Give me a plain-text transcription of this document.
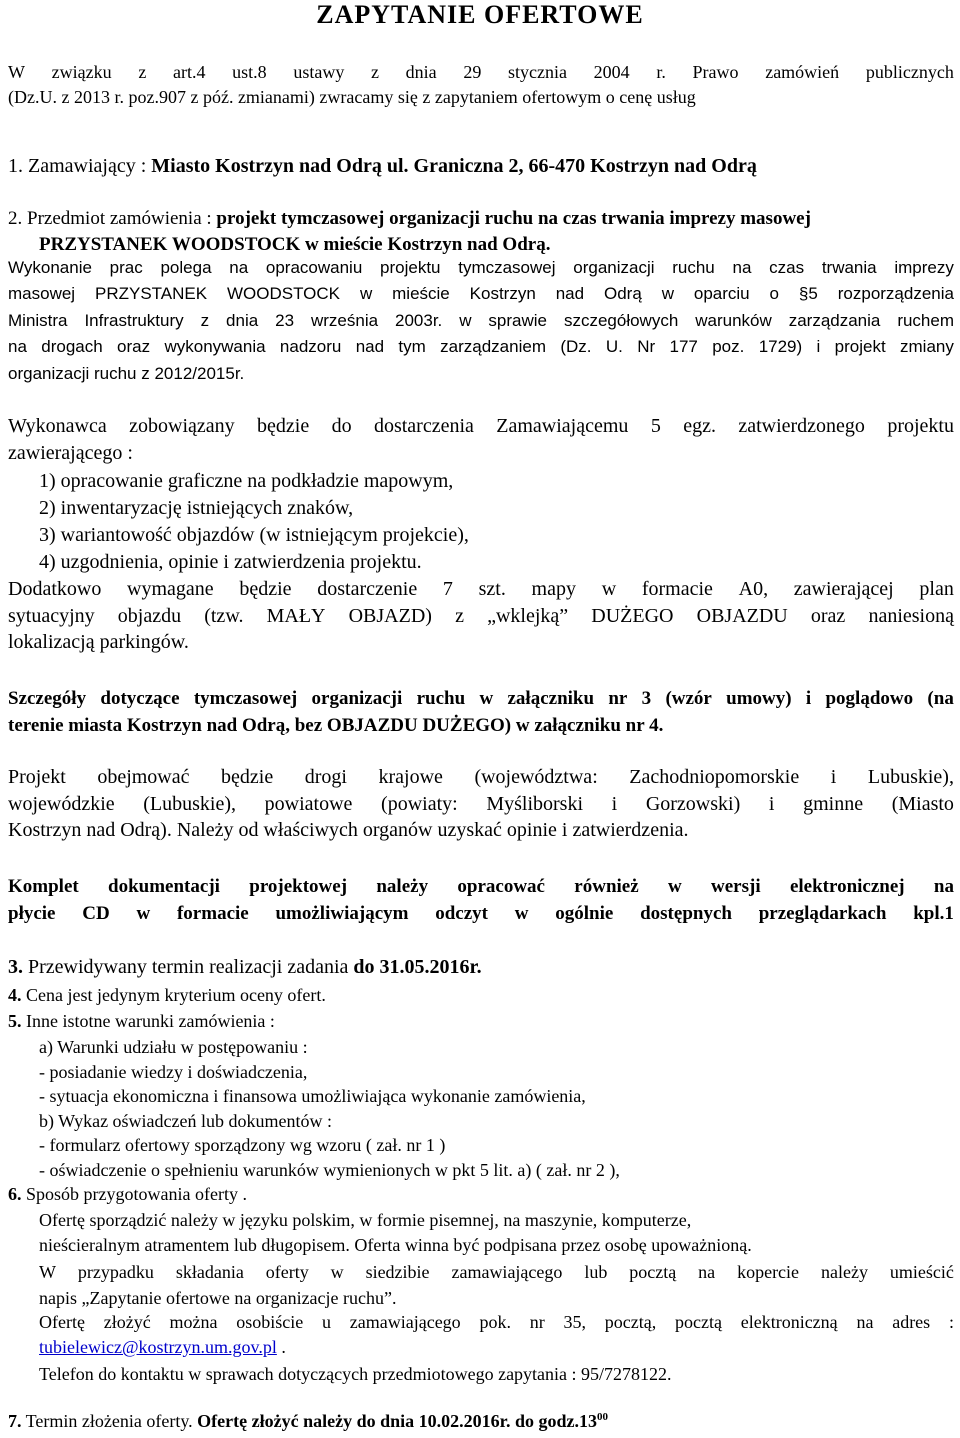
ZAPYTANIE OFERTOWE
W związku z art.4 ust.8 ustawy z dnia 29 stycznia 2004 r. Prawo zamówień publicznych
(Dz.U. z 2013 r. poz.907 z póź. zmianami) zwracamy się z zapytaniem ofertowym o cenę usług
1. Zamawiający : Miasto Kostrzyn nad Odrą ul. Graniczna 2, 66-470 Kostrzyn nad Odrą
2. Przedmiot zamówienia : projekt tymczasowej organizacji ruchu na czas trwania imprezy masowej
PRZYSTANEK WOODSTOCK w mieście Kostrzyn nad Odrą.
Wykonanie prac polega na opracowaniu projektu tymczasowej organizacji ruchu na czas trwania imprezy
masowej PRZYSTANEK WOODSTOCK w mieście Kostrzyn nad Odrą w oparciu o §5 rozporządzenia
Ministra Infrastruktury z dnia 23 września 2003r. w sprawie szczegółowych warunków zarządzania ruchem
na drogach oraz wykonywania nadzoru nad tym zarządzaniem (Dz. U. Nr 177 poz. 1729) i projekt zmiany
organizacji ruchu z 2012/2015r.
Wykonawca zobowiązany będzie do dostarczenia Zamawiającemu 5 egz. zatwierdzonego projektu
zawierającego :
1) opracowanie graficzne na podkładzie mapowym,
2) inwentaryzację istniejących znaków,
3) wariantowość objazdów (w istniejącym projekcie),
4) uzgodnienia, opinie i zatwierdzenia projektu.
Dodatkowo wymagane będzie dostarczenie 7 szt. mapy w formacie A0, zawierającej plan
sytuacyjny objazdu (tzw. MAŁY OBJAZD) z „wklejką” DUŻEGO OBJAZDU oraz naniesioną
lokalizacją parkingów.
Szczegóły dotyczące tymczasowej organizacji ruchu w załączniku nr 3 (wzór umowy) i poglądowo (na
terenie miasta Kostrzyn nad Odrą, bez OBJAZDU DUŻEGO) w załączniku nr 4.
Projekt obejmować będzie drogi krajowe (województwa: Zachodniopomorskie i Lubuskie),
wojewódzkie (Lubuskie), powiatowe (powiaty: Myśliborski i Gorzowski) i gminne (Miasto
Kostrzyn nad Odrą). Należy od właściwych organów uzyskać opinie i zatwierdzenia.
Komplet dokumentacji projektowej należy opracować również w wersji elektronicznej na
płycie CD w formacie umożliwiającym odczyt w ogólnie dostępnych przeglądarkach kpl.1
3. Przewidywany termin realizacji zadania do 31.05.2016r.
4. Cena jest jedynym kryterium oceny ofert.
5. Inne istotne warunki zamówienia :
a) Warunki udziału w postępowaniu :
- posiadanie wiedzy i doświadczenia,
- sytuacja ekonomiczna i finansowa umożliwiająca wykonanie zamówienia,
b) Wykaz oświadczeń lub dokumentów :
- formularz ofertowy sporządzony wg wzoru ( zał. nr 1 )
- oświadczenie o spełnieniu warunków wymienionych w pkt 5 lit. a) ( zał. nr 2 ),
6. Sposób przygotowania oferty .
Ofertę sporządzić należy w języku polskim, w formie pisemnej, na maszynie, komputerze,
nieścieralnym atramentem lub długopisem. Oferta winna być podpisana przez osobę upoważnioną.
W przypadku składania oferty w siedzibie zamawiającego lub pocztą na kopercie należy umieścić
napis „Zapytanie ofertowe na organizacje ruchu”.
Ofertę złożyć można osobiście u zamawiającego pok. nr 35, pocztą, pocztą elektroniczną na adres :
tubielewicz@kostrzyn.um.gov.pl .
Telefon do kontaktu w sprawach dotyczących przedmiotowego zapytania : 95/7278122.
7. Termin złożenia oferty. Ofertę złożyć należy do dnia 10.02.2016r. do $godz.13^{00}$
